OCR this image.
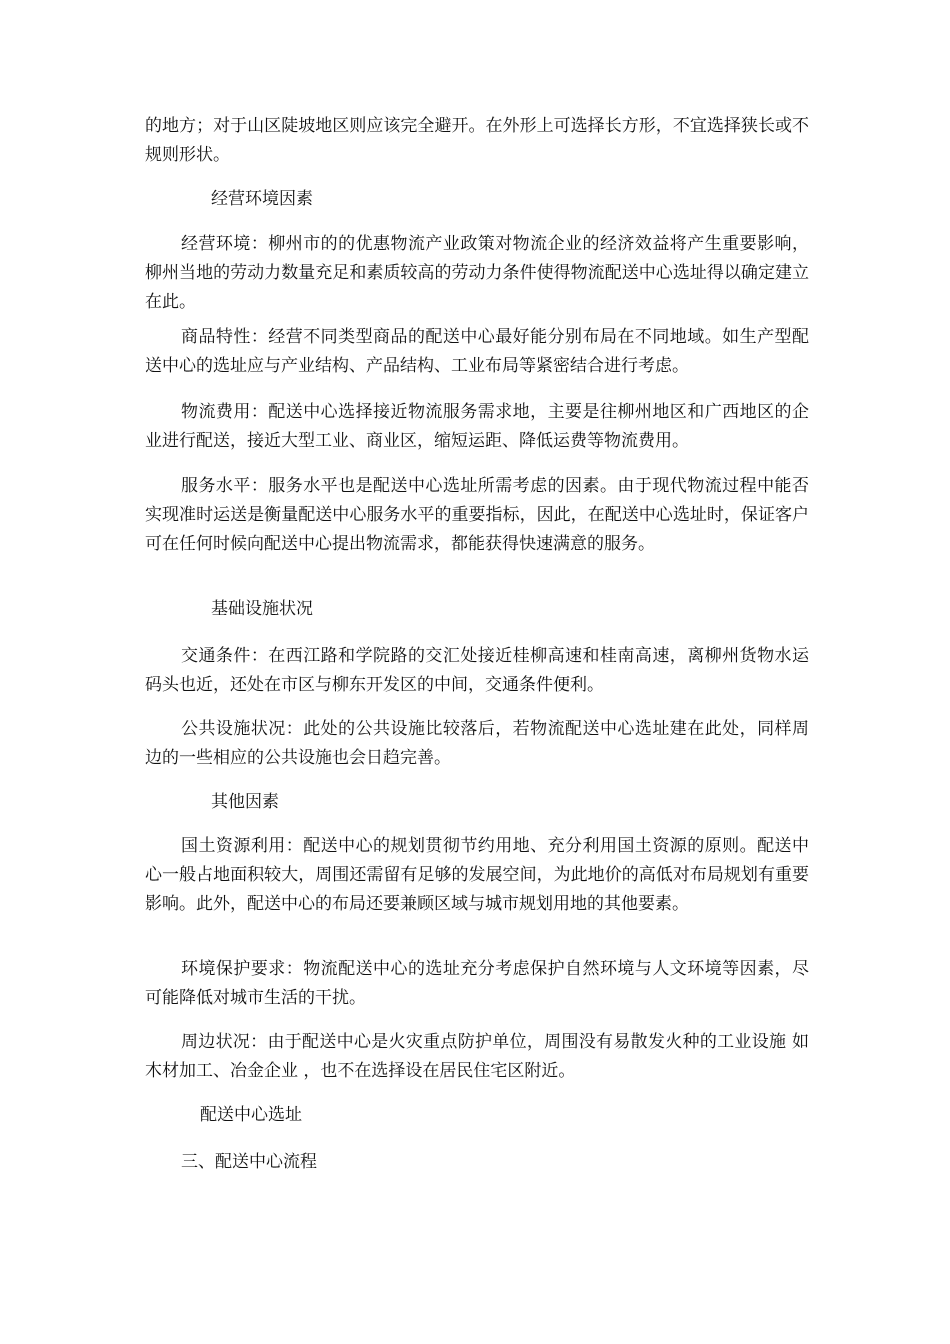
的地方；对于山区陡坡地区则应该完全避开。在外形上可选择长方形，不宜选择狭长或不规则形状。

经营环境因素

经营环境：柳州市的的优惠物流产业政策对物流企业的经济效益将产生重要影响，柳州当地的劳动力数量充足和素质较高的劳动力条件使得物流配送中心选址得以确定建立在此。

商品特性：经营不同类型商品的配送中心最好能分别布局在不同地域。如生产型配送中心的选址应与产业结构、产品结构、工业布局等紧密结合进行考虑。

物流费用：配送中心选择接近物流服务需求地，主要是往柳州地区和广西地区的企业进行配送，接近大型工业、商业区，缩短运距、降低运费等物流费用。

服务水平：服务水平也是配送中心选址所需考虑的因素。由于现代物流过程中能否实现准时运送是衡量配送中心服务水平的重要指标，因此，在配送中心选址时，保证客户可在任何时候向配送中心提出物流需求，都能获得快速满意的服务。

基础设施状况

交通条件：在西江路和学院路的交汇处接近桂柳高速和桂南高速，离柳州货物水运码头也近，还处在市区与柳东开发区的中间，交通条件便利。

公共设施状况：此处的公共设施比较落后，若物流配送中心选址建在此处，同样周边的一些相应的公共设施也会日趋完善。

其他因素

国土资源利用：配送中心的规划贯彻节约用地、充分利用国土资源的原则。配送中心一般占地面积较大，周围还需留有足够的发展空间，为此地价的高低对布局规划有重要影响。此外，配送中心的布局还要兼顾区域与城市规划用地的其他要素。

环境保护要求：物流配送中心的选址充分考虑保护自然环境与人文环境等因素，尽可能降低对城市生活的干扰。

周边状况：由于配送中心是火灾重点防护单位，周围没有易散发火种的工业设施 如木材加工、冶金企业 ，也不在选择设在居民住宅区附近。

配送中心选址

三、配送中心流程
